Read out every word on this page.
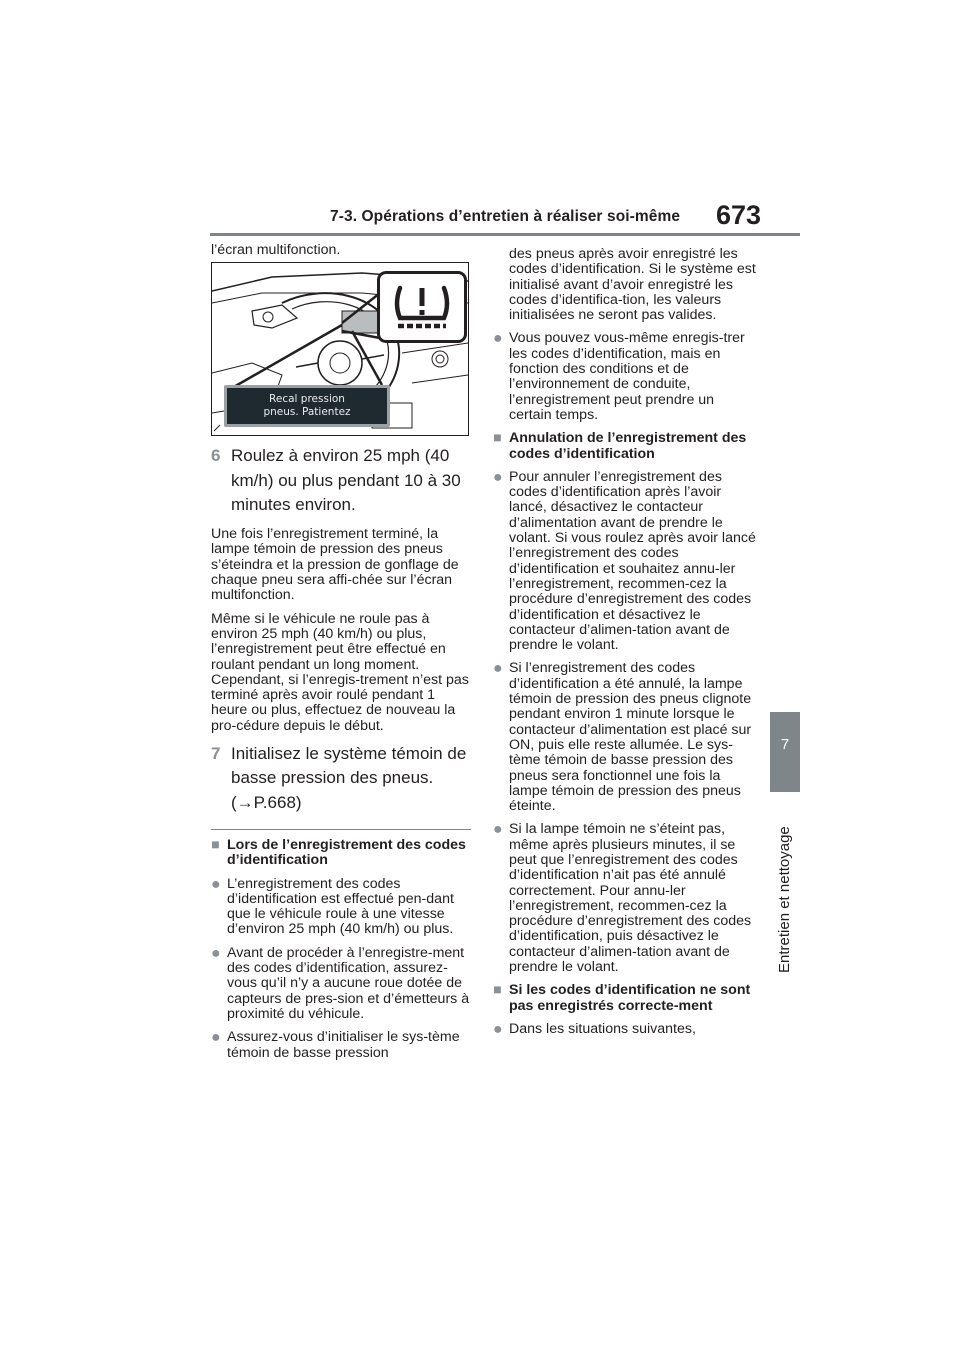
7-3. Opérations d’entretien à réaliser soi-même 673
7
Entretien et nettoyage

l’écran multifonction.

Recal pression
pneus. Patientez
6 Roulez à environ 25 mph (40 km/h) ou plus pendant 10 à 30 minutes environ.

Une fois l’enregistrement terminé, la lampe témoin de pression des pneus s’éteindra et la pression de gonflage de chaque pneu sera affi-chée sur l’écran multifonction.

Même si le véhicule ne roule pas à environ 25 mph (40 km/h) ou plus, l’enregistrement peut être effectué en roulant pendant un long moment. Cependant, si l’enregis-trement n’est pas terminé après avoir roulé pendant 1 heure ou plus, effectuez de nouveau la pro-cédure depuis le début.

7 Initialisez le système témoin de basse pression des pneus. (→P.668)
■ Lors de l’enregistrement des codes d’identification
● L’enregistrement des codes d’identification est effectué pen-dant que le véhicule roule à une vitesse d’environ 25 mph (40 km/h) ou plus.
● Avant de procéder à l’enregistre-ment des codes d’identification, assurez-vous qu’il n’y a aucune roue dotée de capteurs de pres-sion et d’émetteurs à proximité du véhicule.
● Assurez-vous d’initialiser le sys-tème témoin de basse pression

des pneus après avoir enregistré les codes d’identification. Si le système est initialisé avant d’avoir enregistré les codes d’identifica-tion, les valeurs initialisées ne seront pas valides.

● Vous pouvez vous-même enregis-trer les codes d’identification, mais en fonction des conditions et de l’environnement de conduite, l’enregistrement peut prendre un certain temps.
■ Annulation de l’enregistrement des codes d’identification
● Pour annuler l’enregistrement des codes d’identification après l’avoir lancé, désactivez le contacteur d’alimentation avant de prendre le volant. Si vous roulez après avoir lancé l’enregistrement des codes d’identification et souhaitez annu-ler l’enregistrement, recommen-cez la procédure d’enregistrement des codes d’identification et désactivez le contacteur d’alimen-tation avant de prendre le volant.
● Si l’enregistrement des codes d’identification a été annulé, la lampe témoin de pression des pneus clignote pendant environ 1 minute lorsque le contacteur d’alimentation est placé sur ON, puis elle reste allumée. Le sys-tème témoin de basse pression des pneus sera fonctionnel une fois la lampe témoin de pression des pneus éteinte.
● Si la lampe témoin ne s’éteint pas, même après plusieurs minutes, il se peut que l’enregistrement des codes d’identification n’ait pas été annulé correctement. Pour annu-ler l’enregistrement, recommen-cez la procédure d’enregistrement des codes d’identification, puis désactivez le contacteur d’alimen-tation avant de prendre le volant.
■ Si les codes d’identification ne sont pas enregistrés correcte-ment
● Dans les situations suivantes,
